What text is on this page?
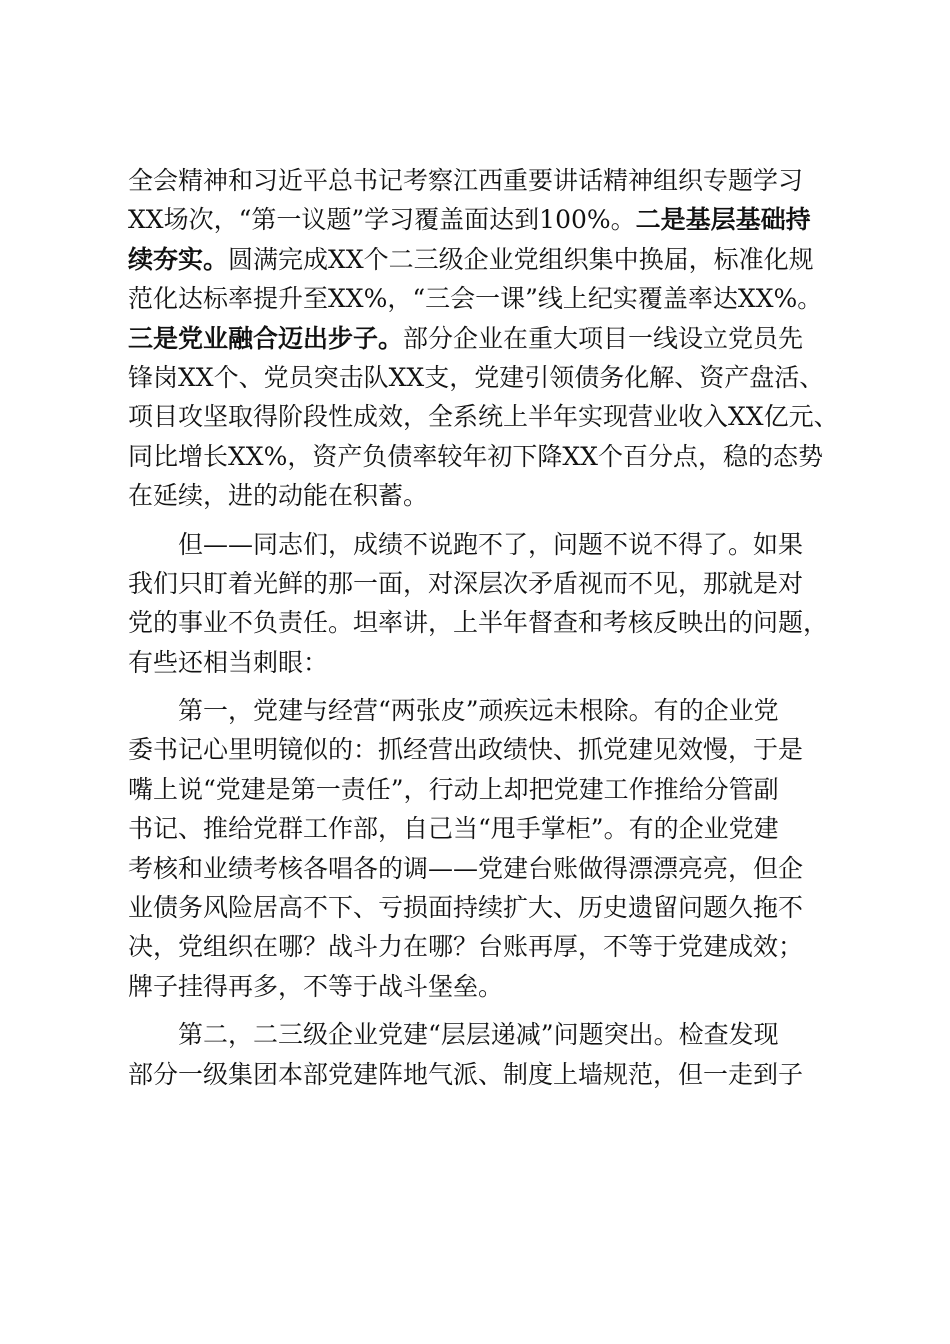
全会精神和习近平总书记考察江西重要讲话精神组织专题学习
XX场次，“第一议题”学习覆盖面达到100%。二是基层基础持
续夯实。圆满完成XX个二三级企业党组织集中换届，标准化规
范化达标率提升至XX%，“三会一课”线上纪实覆盖率达XX%。
三是党业融合迈出步子。部分企业在重大项目一线设立党员先
锋岗XX个、党员突击队XX支，党建引领债务化解、资产盘活、
项目攻坚取得阶段性成效，全系统上半年实现营业收入XX亿元、
同比增长XX%，资产负债率较年初下降XX个百分点，稳的态势
在延续，进的动能在积蓄。
但——同志们，成绩不说跑不了，问题不说不得了。如果
我们只盯着光鲜的那一面，对深层次矛盾视而不见，那就是对
党的事业不负责任。坦率讲，上半年督查和考核反映出的问题，
有些还相当刺眼：
第一，党建与经营“两张皮”顽疾远未根除。有的企业党
委书记心里明镜似的：抓经营出政绩快、抓党建见效慢，于是
嘴上说“党建是第一责任”，行动上却把党建工作推给分管副
书记、推给党群工作部，自己当“甩手掌柜”。有的企业党建
考核和业绩考核各唱各的调——党建台账做得漂漂亮亮，但企
业债务风险居高不下、亏损面持续扩大、历史遗留问题久拖不
决，党组织在哪？战斗力在哪？台账再厚，不等于党建成效；
牌子挂得再多，不等于战斗堡垒。
第二，二三级企业党建“层层递减”问题突出。检查发现
部分一级集团本部党建阵地气派、制度上墙规范，但一走到子
